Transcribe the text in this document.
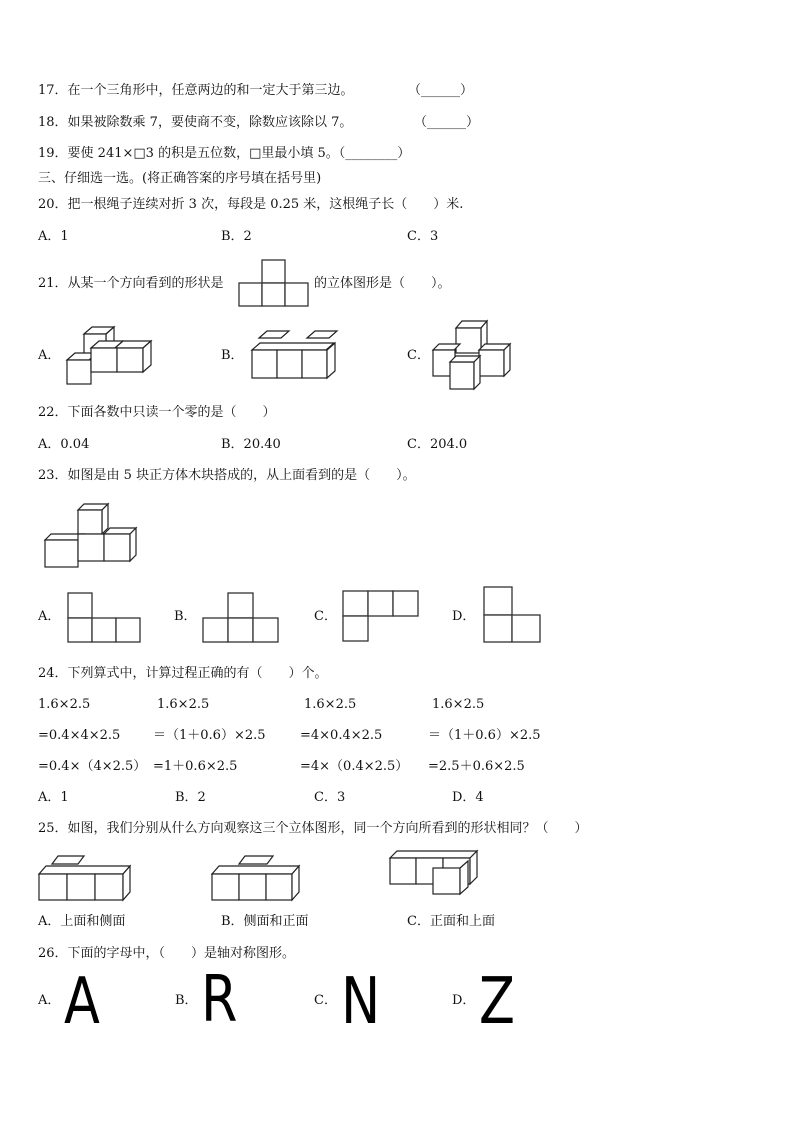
17．在一个三角形中，任意两边的和一定大于第三边。	（______）
18．如果被除数乘 7，要使商不变，除数应该除以 7。	（______）
19．要使 241×□3 的积是五位数，□里最小填 5。（________）
三、仔细选一选。(将正确答案的序号填在括号里)
20．把一根绳子连续对折 3 次，每段是 0.25 米，这根绳子长（　　）米.
A．1	B．2	C．3
21．从某一个方向看到的形状是	的立体图形是（　　）。
A．	B．	C．
22．下面各数中只读一个零的是（　　）
A．0.04	B．20.40	C．204.0
23．如图是由 5 块正方体木块搭成的，从上面看到的是（　　）。
A．	B．	C．	D．
24．下列算式中，计算过程正确的有（　　）个。
1.6×2.5
=0.4×4×2.5
=0.4×（4×2.5）
1.6×2.5
＝（1＋0.6）×2.5
=1＋0.6×2.5
1.6×2.5
=4×0.4×2.5
=4×（0.4×2.5）
1.6×2.5
＝（1＋0.6）×2.5
=2.5＋0.6×2.5
A．1	B．2	C．3	D．4
25．如图，我们分别从什么方向观察这三个立体图形，同一个方向所看到的形状相同？（　　）
A．上面和侧面	B．侧面和正面	C．正面和上面
26．下面的字母中，（　　）是轴对称图形。
A． A	B． R	C． N	D． Z
